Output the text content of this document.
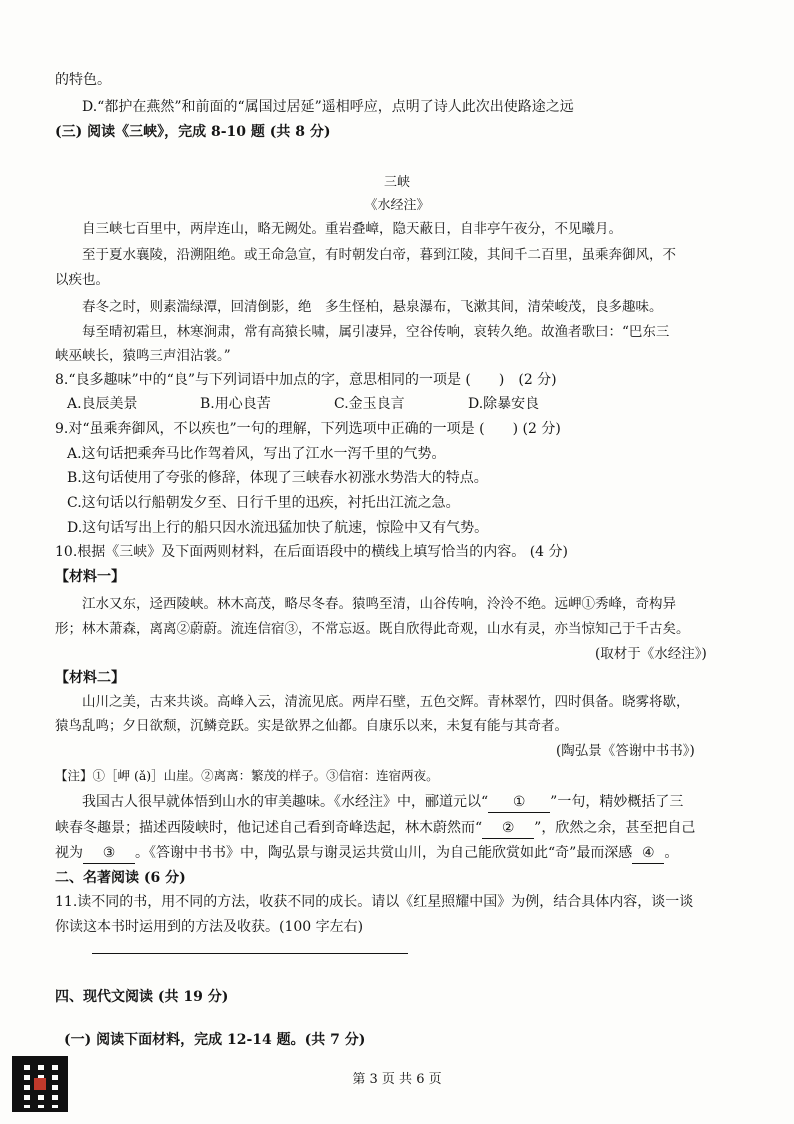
的特色。
D.“都护在燕然”和前面的“属国过居延”遥相呼应，点明了诗人此次出使路途之远
(三) 阅读《三峡》，完成 8-10 题 (共 8 分)
三峡
《水经注》
自三峡七百里中，两岸连山，略无阙处。重岩叠嶂，隐天蔽日，自非亭午夜分，不见曦月。
至于夏水襄陵，沿溯阻绝。或王命急宣，有时朝发白帝，暮到江陵，其间千二百里，虽乘奔御风，不
以疾也。
春冬之时，则素湍绿潭，回清倒影，绝　多生怪柏，悬泉瀑布，飞漱其间，清荣峻茂，良多趣味。
每至晴初霜旦，林寒涧肃，常有高猿长啸，属引凄异，空谷传响，哀转久绝。故渔者歌曰：“巴东三
峡巫峡长，猿鸣三声泪沾裳。”
8.“良多趣味”中的“良”与下列词语中加点的字，意思相同的一项是 (　　)　(2 分)
A.良辰美景	B.用心良苦	C.金玉良言	D.除暴安良
9.对“虽乘奔御风，不以疾也”一句的理解，下列选项中正确的一项是 (　　) (2 分)
A.这句话把乘奔马比作驾着风，写出了江水一泻千里的气势。
B.这句话使用了夸张的修辞，体现了三峡春水初涨水势浩大的特点。
C.这句话以行船朝发夕至、日行千里的迅疾，衬托出江流之急。
D.这句话写出上行的船只因水流迅猛加快了航速，惊险中又有气势。
10.根据《三峡》及下面两则材料，在后面语段中的横线上填写恰当的内容。 (4 分)
【材料一】
江水又东，迳西陵峡。林木高茂，略尽冬春。猿鸣至清，山谷传响，泠泠不绝。远岬①秀峰，奇构异
形；林木萧森，离离②蔚蔚。流连信宿③，不常忘返。既自欣得此奇观，山水有灵，亦当惊知己于千古矣。
(取材于《水经注》)
【材料二】
山川之美，古来共谈。高峰入云，清流见底。两岸石壁，五色交辉。青林翠竹，四时俱备。晓雾将歇，
猿鸟乱鸣；夕日欲颓，沉鳞竞跃。实是欲界之仙都。自康乐以来，未复有能与其奇者。
(陶弘景《答谢中书书》)
【注】①［岬 (ǎ)］山崖。②离离：繁茂的样子。③信宿：连宿两夜。
我国古人很早就体悟到山水的审美趣味。《水经注》中，郦道元以“ ① ”一句，精妙概括了三
峡春冬趣景；描述西陵峡时，他记述自己看到奇峰迭起，林木蔚然而“ ② ”，欣然之余，甚至把自己
视为 ③ 。《答谢中书书》中，陶弘景与谢灵运共赏山川，为自己能欣赏如此“奇”最而深感 ④ 。
二、名著阅读 (6 分)
11.读不同的书，用不同的方法，收获不同的成长。请以《红星照耀中国》为例，结合具体内容，谈一谈
你读这本书时运用到的方法及收获。(100 字左右)
四、现代文阅读 (共 19 分)
(一) 阅读下面材料，完成 12-14 题。(共 7 分)
第 3 页 共 6 页
